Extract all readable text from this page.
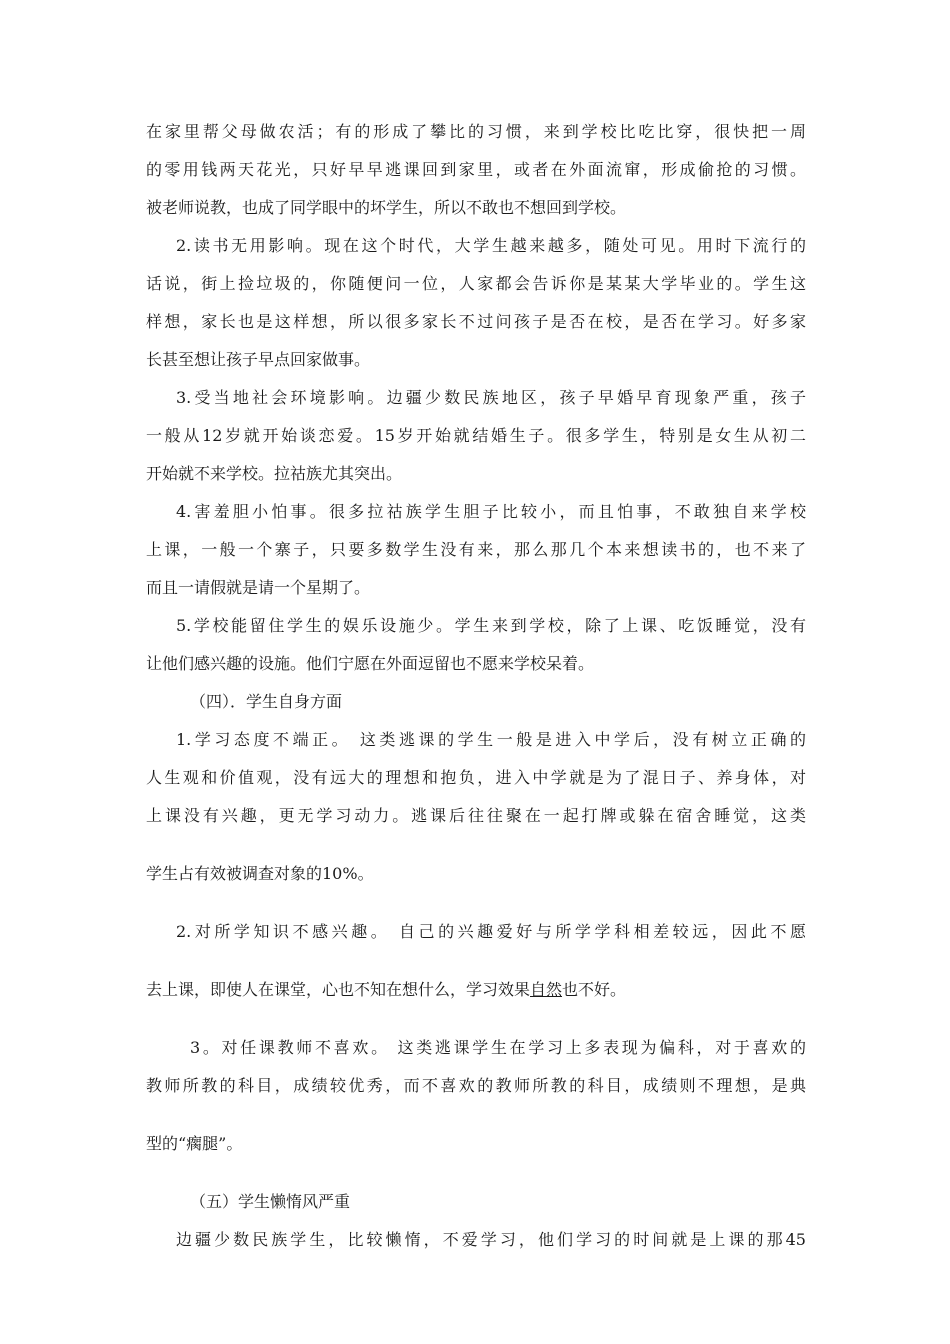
在家里帮父母做农活；有的形成了攀比的习惯，来到学校比吃比穿，很快把一周
的零用钱两天花光，只好早早逃课回到家里，或者在外面流窜，形成偷抢的习惯。
被老师说教，也成了同学眼中的坏学生，所以不敢也不想回到学校。
2.读书无用影响。现在这个时代，大学生越来越多，随处可见。用时下流行的
话说，街上捡垃圾的，你随便问一位，人家都会告诉你是某某大学毕业的。学生这
样想，家长也是这样想，所以很多家长不过问孩子是否在校，是否在学习。好多家
长甚至想让孩子早点回家做事。
3.受当地社会环境影响。边疆少数民族地区，孩子早婚早育现象严重，孩子
一般从12岁就开始谈恋爱。15岁开始就结婚生子。很多学生，特别是女生从初二
开始就不来学校。拉祜族尤其突出。
4.害羞胆小怕事。很多拉祜族学生胆子比较小，而且怕事，不敢独自来学校
上课，一般一个寨子，只要多数学生没有来，那么那几个本来想读书的，也不来了
而且一请假就是请一个星期了。
5.学校能留住学生的娱乐设施少。学生来到学校，除了上课、吃饭睡觉，没有
让他们感兴趣的设施。他们宁愿在外面逗留也不愿来学校呆着。
（四）．学生自身方面
1.学习态度不端正。 这类逃课的学生一般是进入中学后，没有树立正确的
人生观和价值观，没有远大的理想和抱负，进入中学就是为了混日子、养身体，对
上课没有兴趣，更无学习动力。逃课后往往聚在一起打牌或躲在宿舍睡觉，这类
学生占有效被调查对象的10%。
2.对所学知识不感兴趣。 自己的兴趣爱好与所学学科相差较远，因此不愿
去上课，即使人在课堂，心也不知在想什么，学习效果自然也不好。
3。对任课教师不喜欢。 这类逃课学生在学习上多表现为偏科，对于喜欢的
教师所教的科目，成绩较优秀，而不喜欢的教师所教的科目，成绩则不理想，是典
型的“瘸腿”。
（五）学生懒惰风严重
边疆少数民族学生，比较懒惰，不爱学习，他们学习的时间就是上课的那45
